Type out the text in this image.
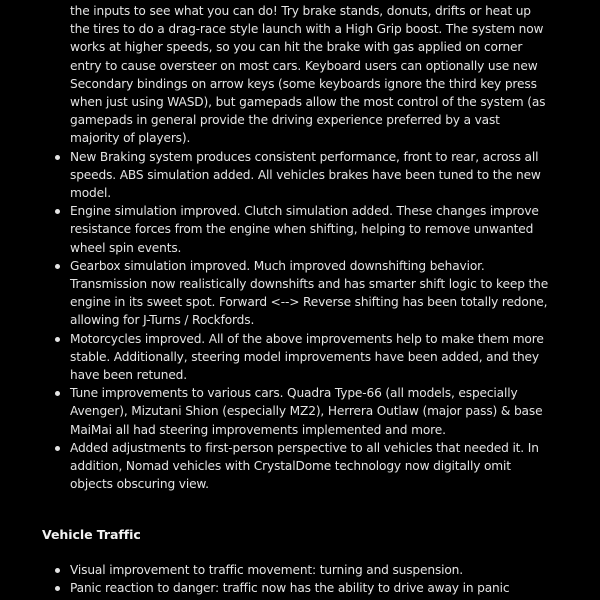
the inputs to see what you can do! Try brake stands, donuts, drifts or heat up the tires to do a drag-race style launch with a High Grip boost. The system now works at higher speeds, so you can hit the brake with gas applied on corner entry to cause oversteer on most cars. Keyboard users can optionally use new Secondary bindings on arrow keys (some keyboards ignore the third key press when just using WASD), but gamepads allow the most control of the system (as gamepads in general provide the driving experience preferred by a vast majority of players).

New Braking system produces consistent performance, front to rear, across all speeds. ABS simulation added. All vehicles brakes have been tuned to the new model.
Engine simulation improved. Clutch simulation added. These changes improve resistance forces from the engine when shifting, helping to remove unwanted wheel spin events.
Gearbox simulation improved. Much improved downshifting behavior. Transmission now realistically downshifts and has smarter shift logic to keep the engine in its sweet spot. Forward <--> Reverse shifting has been totally redone, allowing for J-Turns / Rockfords.
Motorcycles improved. All of the above improvements help to make them more stable. Additionally, steering model improvements have been added, and they have been retuned.
Tune improvements to various cars. Quadra Type-66 (all models, especially Avenger), Mizutani Shion (especially MZ2), Herrera Outlaw (major pass) & base MaiMai all had steering improvements implemented and more.
Added adjustments to first-person perspective to all vehicles that needed it. In addition, Nomad vehicles with CrystalDome technology now digitally omit objects obscuring view.
Vehicle Traffic
Visual improvement to traffic movement: turning and suspension.
Panic reaction to danger: traffic now has the ability to drive away in panic
